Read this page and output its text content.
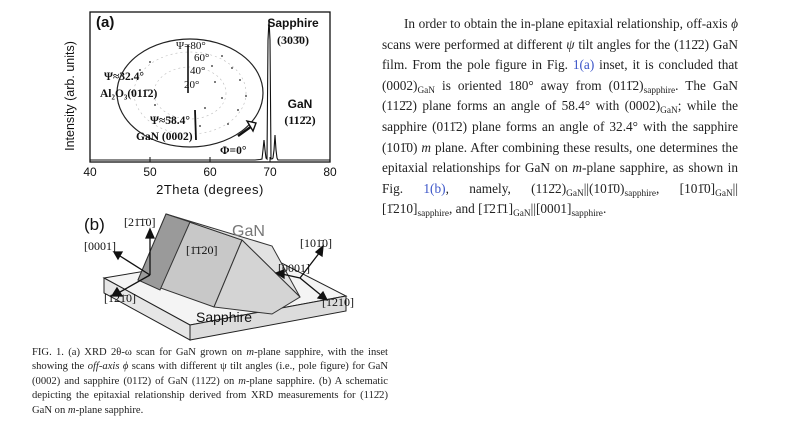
(a)
Intensity (arb. units)
40	50	60	70	80
2Theta (degrees)
Sapphire
(303̄0)
GaN
(112̄2)
Ψ=80°
60°
40°
20°
Ψ≈32.4°
Al₂O₃(011̄2)
Ψ≈58.4°
GaN (0002)
Φ=0°
(b)	GaN
Sapphire
[21̄1̄0]
[0001]	[1̄1̄20]	[101̄0]
[0001]
[1̄21̄0]	[1̄210]
FIG. 1. (a) XRD 2θ-ω scan for GaN grown on m-plane sapphire, with the inset showing the off-axis ϕ scans with different ψ tilt angles (i.e., pole figure) for GaN (0002) and sapphire (011̄2) of GaN (112̄2) on m-plane sapphire. (b) A schematic depicting the epitaxial relationship derived from XRD measurements for (112̄2) GaN on m-plane sapphire.

In order to obtain the in-plane epitaxial relationship, off-axis ϕ scans were performed at different ψ tilt angles for the (112̄2) GaN film. From the pole figure in Fig. 1(a) inset, it is concluded that $(0002)_{GaN}$ is oriented 180° away from $(011̄2)_{sapphire}$. The GaN (112̄2) plane forms an angle of 58.4° with $(0002)_{GaN}$; while the sapphire (011̄2) plane forms an angle of 32.4° with the sapphire (101̄0) m plane. After combining these results, one determines the epitaxial relationships for GaN on m-plane sapphire, as shown in Fig. 1(b), namely, $(112̄2)_{GaN}||(101̄0)_{sapphire}$, $[101̄0]_{GaN}||[1̄210]_{sapphire}$, and $[1̄21̄1]_{GaN}||[0001]_{sapphire}$.
